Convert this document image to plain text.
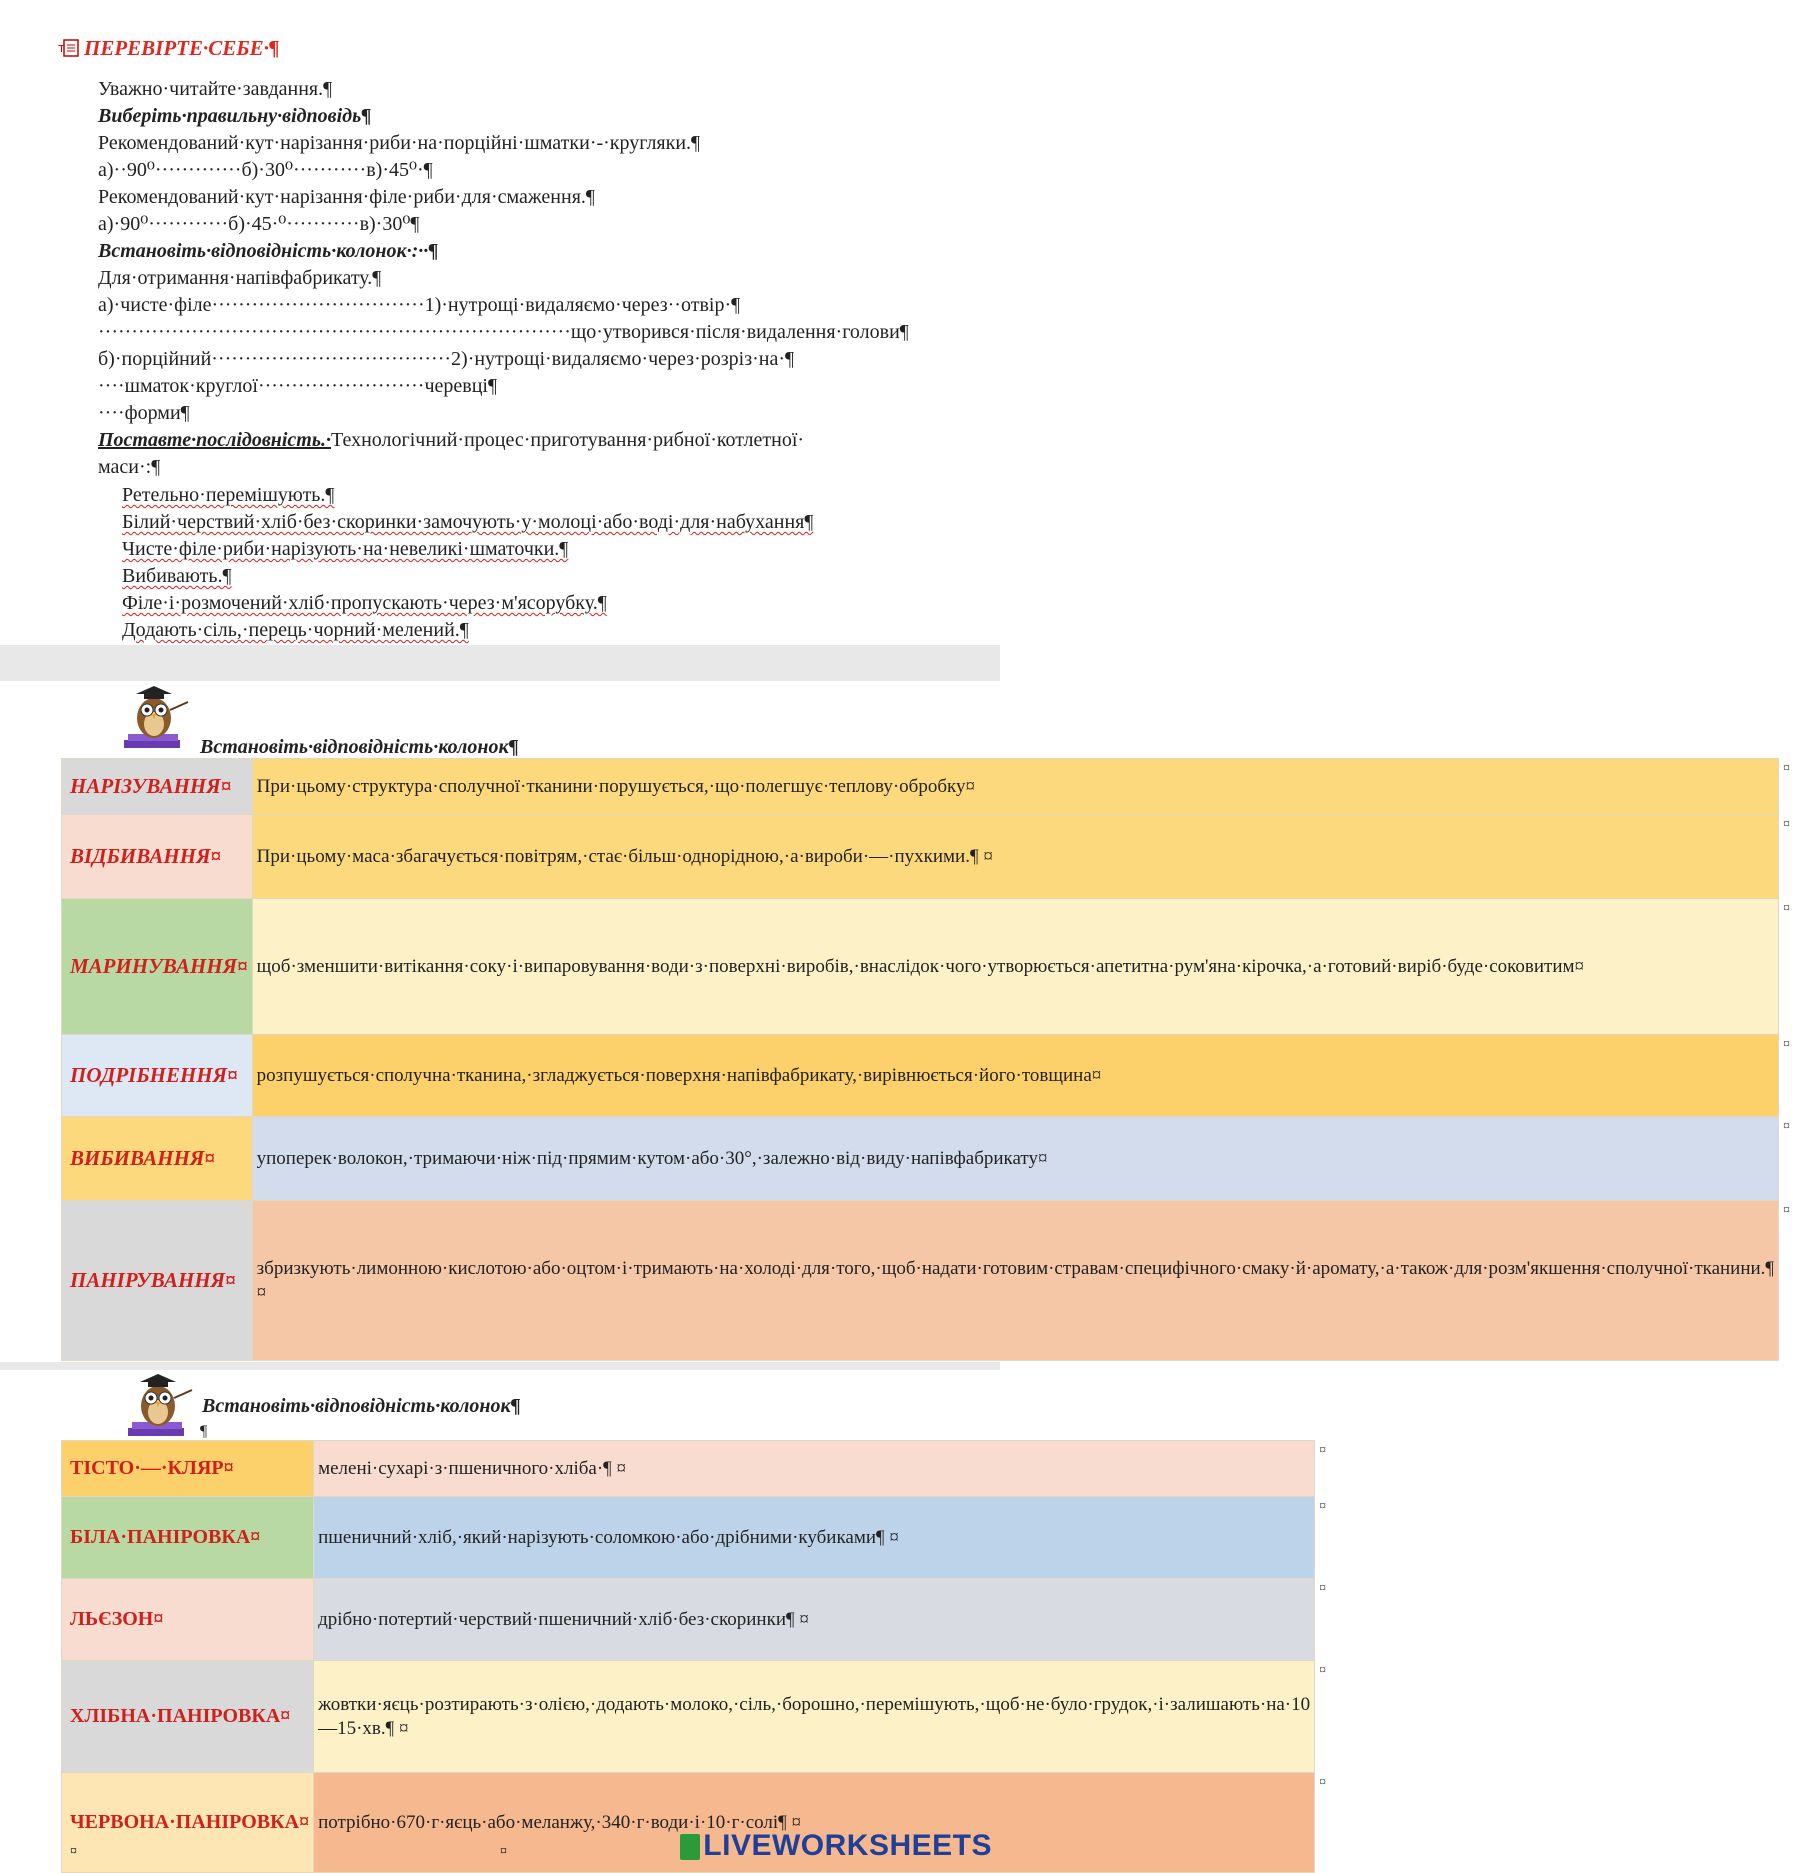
т ПЕРЕВІРТЕ·СЕБЕ·¶
Уважно·читайте·завдання.¶
Виберіть·правильну·відповідь¶
Рекомендований·кут·нарізання·риби·на·порційні·шматки·-·кругляки.¶
а)··90⁰·············б)·30⁰···········в)·45⁰·¶
Рекомендований·кут·нарізання·філе·риби·для·смаження.¶
а)·90⁰············б)·45·⁰···········в)·30⁰¶
Встановіть·відповідність·колонок·:··¶
Для·отримання·напівфабрикату.¶
а)·чисте·філе································1)·нутрощі·видаляємо·через··отвір·¶
·······································································що·утворився·після·видалення·голови¶
б)·порційний····································2)·нутрощі·видаляємо·через·розріз·на·¶
····шматок·круглої·························черевці¶
····форми¶
Поставте·послідовність.·Технологічний·процес·приготування·рибної·котлетної·
маси·:¶
Ретельно·перемішують.¶
Білий·черствий·хліб·без·скоринки·замочують·у·молоці·або·воді·для·набухання¶
Чисте·філе·риби·нарізують·на·невеликі·шматочки.¶
Вибивають.¶
Філе·і·розмочений·хліб·пропускають·через·м'ясорубку.¶
Додають·сіль,·перець·чорний·мелений.¶
Встановіть·відповідність·колонок¶
НАРІЗУВАННЯ¤	При·цьому·структура·сполучної·тканини·порушується,·що·полегшує·теплову·обробку¤	¤
ВІДБИВАННЯ¤	При·цьому·маса·збагачується·повітрям,·стає·більш·однорідною,·а·вироби·—·пухкими.¶ ¤	¤
МАРИНУВАННЯ¤	щоб·зменшити·витікання·соку·і·випаровування·води·з·поверхні·виробів,·внаслідок·чого·утворюється·апетитна·рум'яна·кірочка,·а·готовий·виріб·буде·соковитим¤	¤
ПОДРІБНЕННЯ¤	розпушується·сполучна·тканина,·згладжується·поверхня·напівфабрикату,·вирівнюється·його·товщина¤	¤
ВИБИВАННЯ¤	упоперек·волокон,·тримаючи·ніж·під·прямим·кутом·або·30°,·залежно·від·виду·напівфабрикату¤	¤
ПАНІРУВАННЯ¤	збризкують·лимонною·кислотою·або·оцтом·і·тримають·на·холоді·для·того,·щоб·надати·готовим·стравам·специфічного·смаку·й·аромату,·а·також·для·розм'якшення·сполучної·тканини.¶ ¤	¤
Встановіть·відповідність·колонок¶
¶
ТІСТО·—·КЛЯР¤	мелені·сухарі·з·пшеничного·хліба·¶ ¤	¤
БІЛА·ПАНІРОВКА¤	пшеничний·хліб,·який·нарізують·соломкою·або·дрібними·кубиками¶ ¤	¤
ЛЬЄЗОН¤	дрібно·потертий·черствий·пшеничний·хліб·без·скоринки¶ ¤	¤
ХЛІБНА·ПАНІРОВКА¤	жовтки·яєць·розтирають·з·олією,·додають·молоко,·сіль,·борошно,·перемішують,·щоб·не·було·грудок,·і·залишають·на·10—15·хв.¶ ¤	¤
ЧЕРВОНА·ПАНІРОВКА¤	потрібно·670·г·яєць·або·меланжу,·340·г·води·і·10·г·солі¶ ¤	¤
¤	¤	LIVEWORKSHEETS
